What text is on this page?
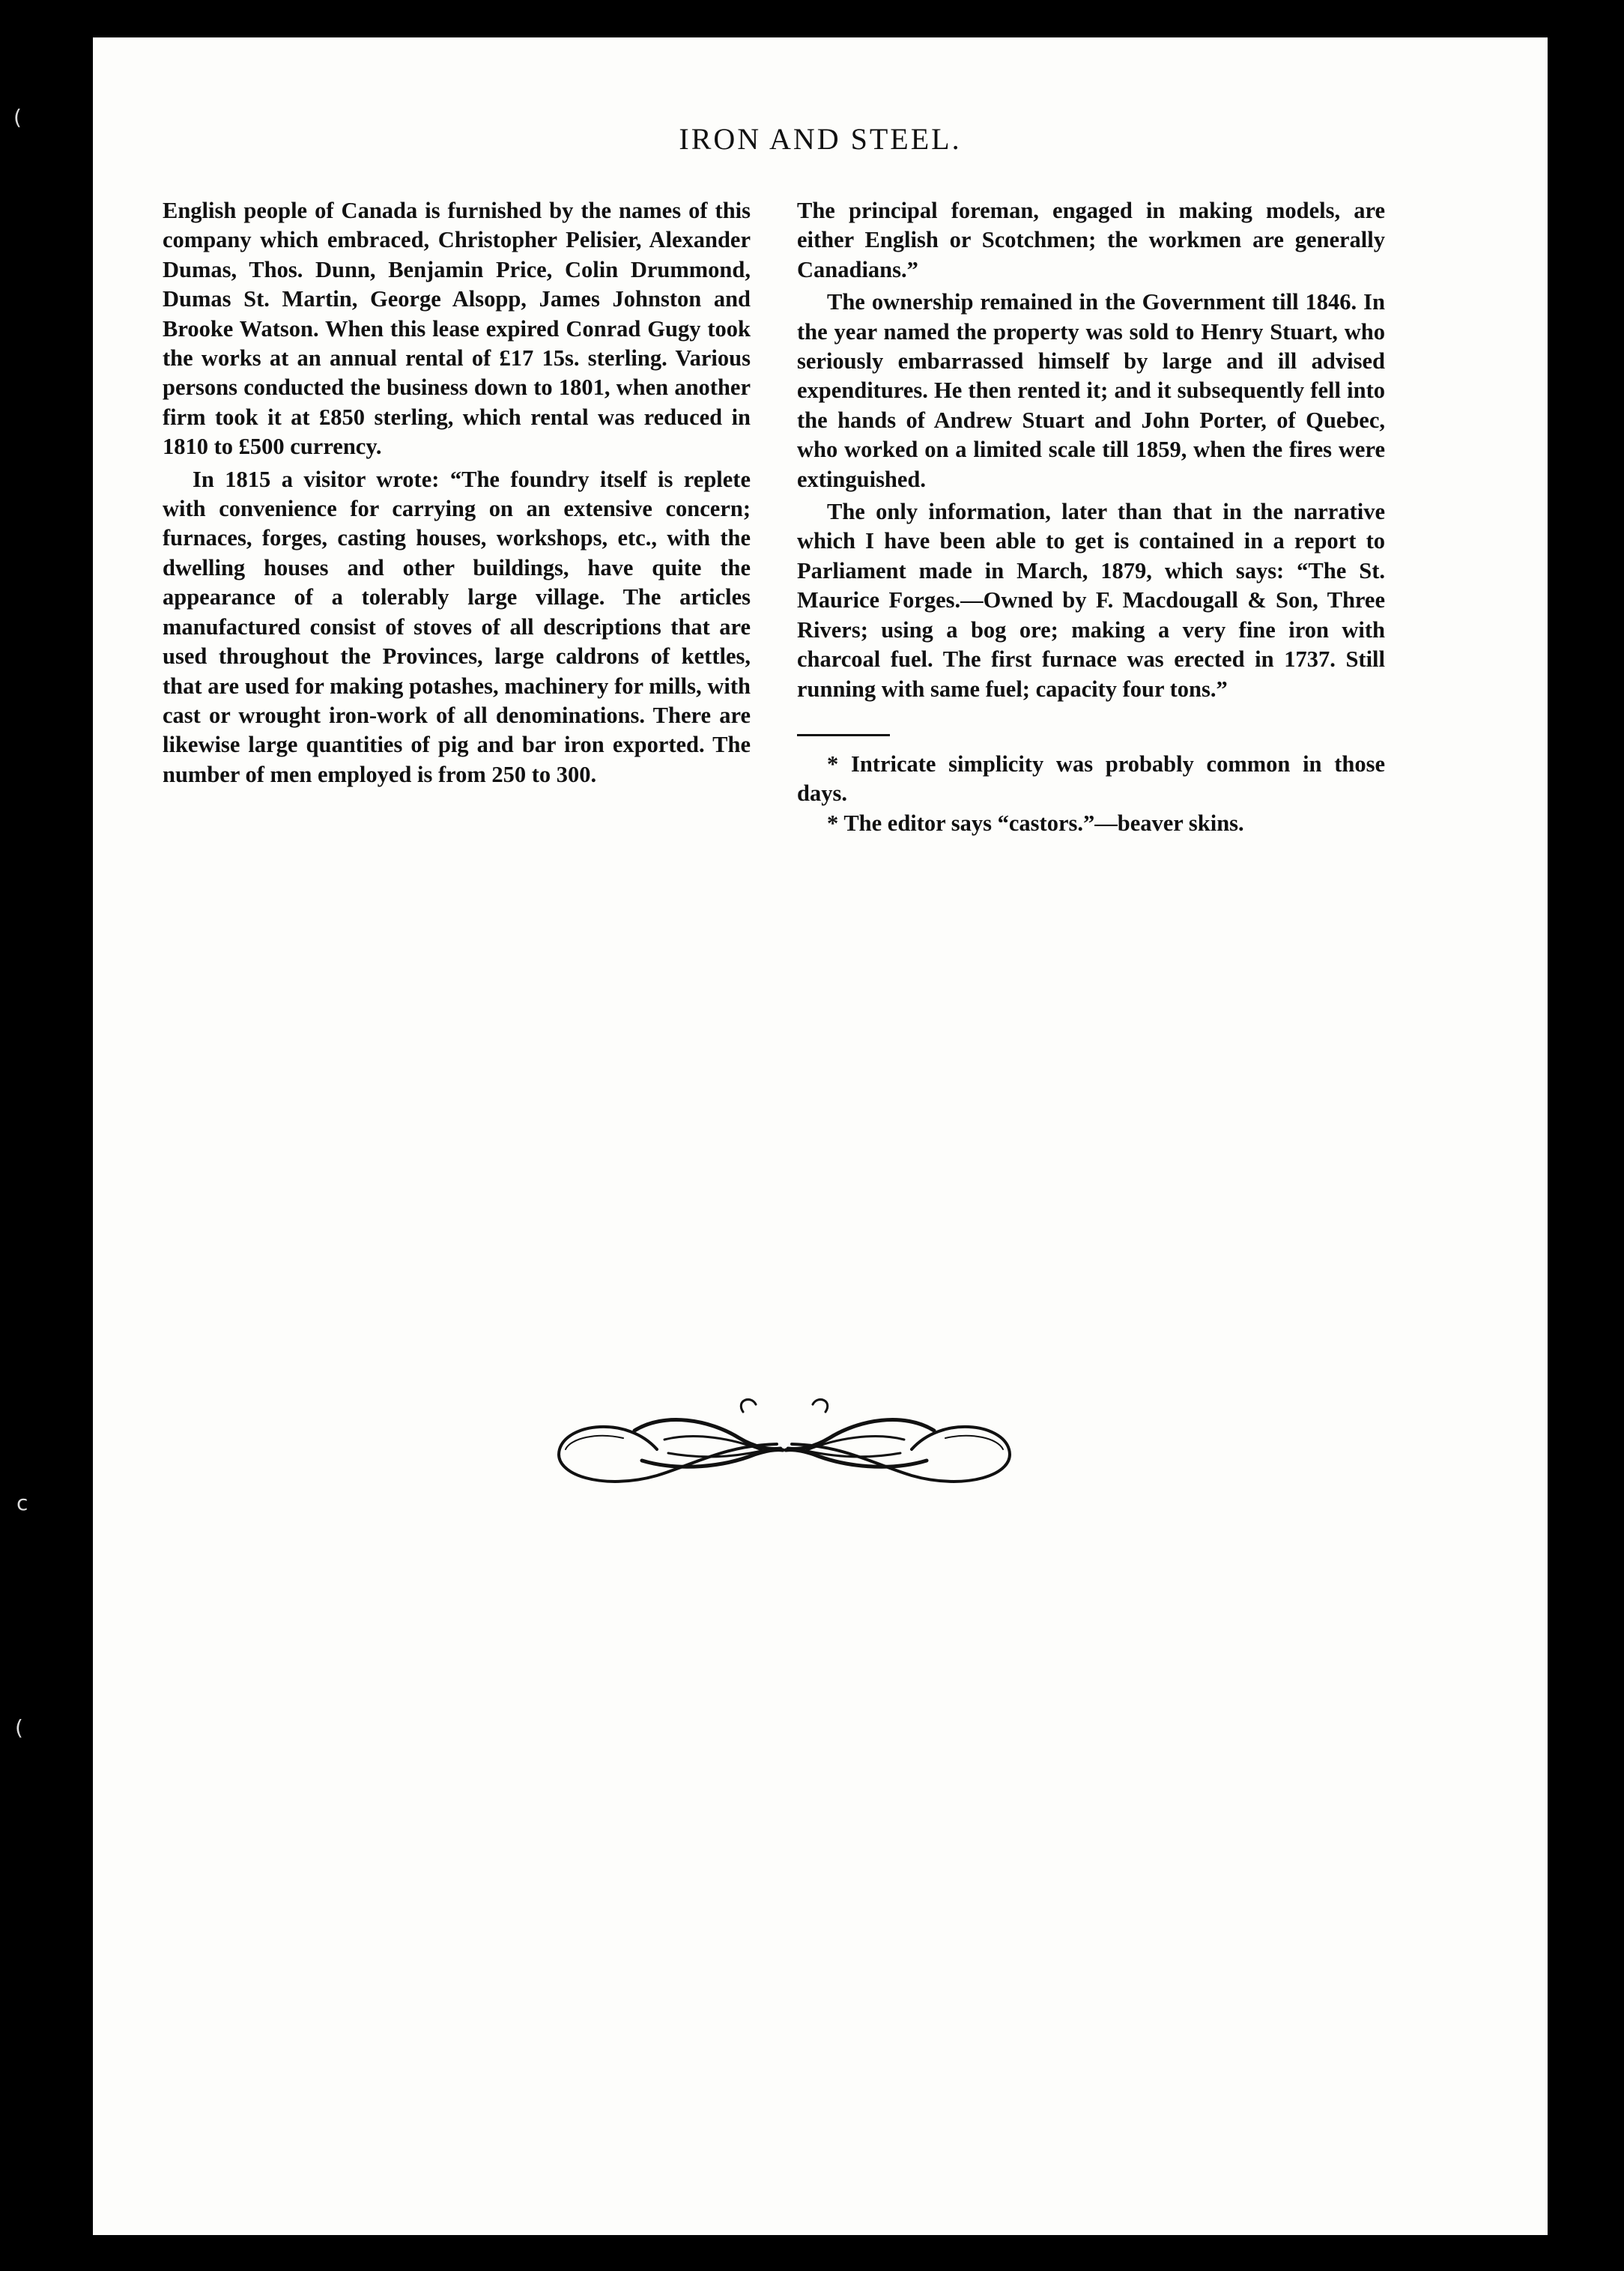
IRON AND STEEL.

English people of Canada is furnished by the names of this company which embraced, Christopher Pelisier, Alexander Dumas, Thos. Dunn, Benjamin Price, Colin Drummond, Dumas St. Martin, George Alsopp, James Johnston and Brooke Watson. When this lease expired Conrad Gugy took the works at an annual rental of £17 15s. sterling. Various persons conducted the business down to 1801, when another firm took it at £850 sterling, which rental was reduced in 1810 to £500 currency.

In 1815 a visitor wrote: “The foundry itself is replete with convenience for carrying on an extensive concern; furnaces, forges, casting houses, workshops, etc., with the dwelling houses and other buildings, have quite the appearance of a tolerably large village. The articles manufactured consist of stoves of all descriptions that are used throughout the Provinces, large caldrons of kettles, that are used for making potashes, machinery for mills, with cast or wrought iron-work of all denominations. There are likewise large quantities of pig and bar iron exported. The number of men employed is from 250 to 300.

The principal foreman, engaged in making models, are either English or Scotchmen; the workmen are generally Canadians.”

The ownership remained in the Government till 1846. In the year named the property was sold to Henry Stuart, who seriously embarrassed himself by large and ill advised expenditures. He then rented it; and it subsequently fell into the hands of Andrew Stuart and John Porter, of Quebec, who worked on a limited scale till 1859, when the fires were extinguished.

The only information, later than that in the narrative which I have been able to get is contained in a report to Parliament made in March, 1879, which says: “The St. Maurice Forges.—Owned by F. Macdougall & Son, Three Rivers; using a bog ore; making a very fine iron with charcoal fuel. The first furnace was erected in 1737. Still running with same fuel; capacity four tons.”

* Intricate simplicity was probably common in those days.

* The editor says “castors.”—beaver skins.

(
c
(
